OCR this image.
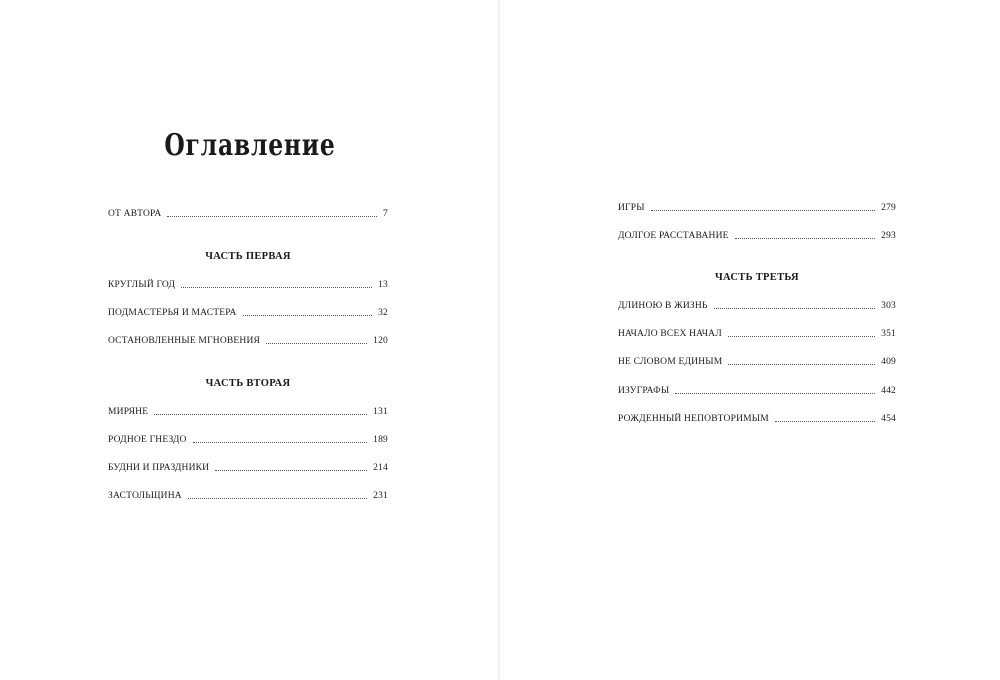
Оглавление
ОТ АВТОРА	7
ЧАСТЬ ПЕРВАЯ
КРУГЛЫЙ ГОД	13
ПОДМАСТЕРЬЯ И МАСТЕРА	32
ОСТАНОВЛЕННЫЕ МГНОВЕНИЯ	120
ЧАСТЬ ВТОРАЯ
МИРЯНЕ	131
РОДНОЕ ГНЕЗДО	189
БУДНИ И ПРАЗДНИКИ	214
ЗАСТОЛЬЩИНА	231
ИГРЫ	279
ДОЛГОЕ РАССТАВАНИЕ	293
ЧАСТЬ ТРЕТЬЯ
ДЛИНОЮ В ЖИЗНЬ	303
НАЧАЛО ВСЕХ НАЧАЛ	351
НЕ СЛОВОМ ЕДИНЫМ	409
ИЗУГРАФЫ	442
РОЖДЕННЫЙ НЕПОВТОРИМЫМ	454
